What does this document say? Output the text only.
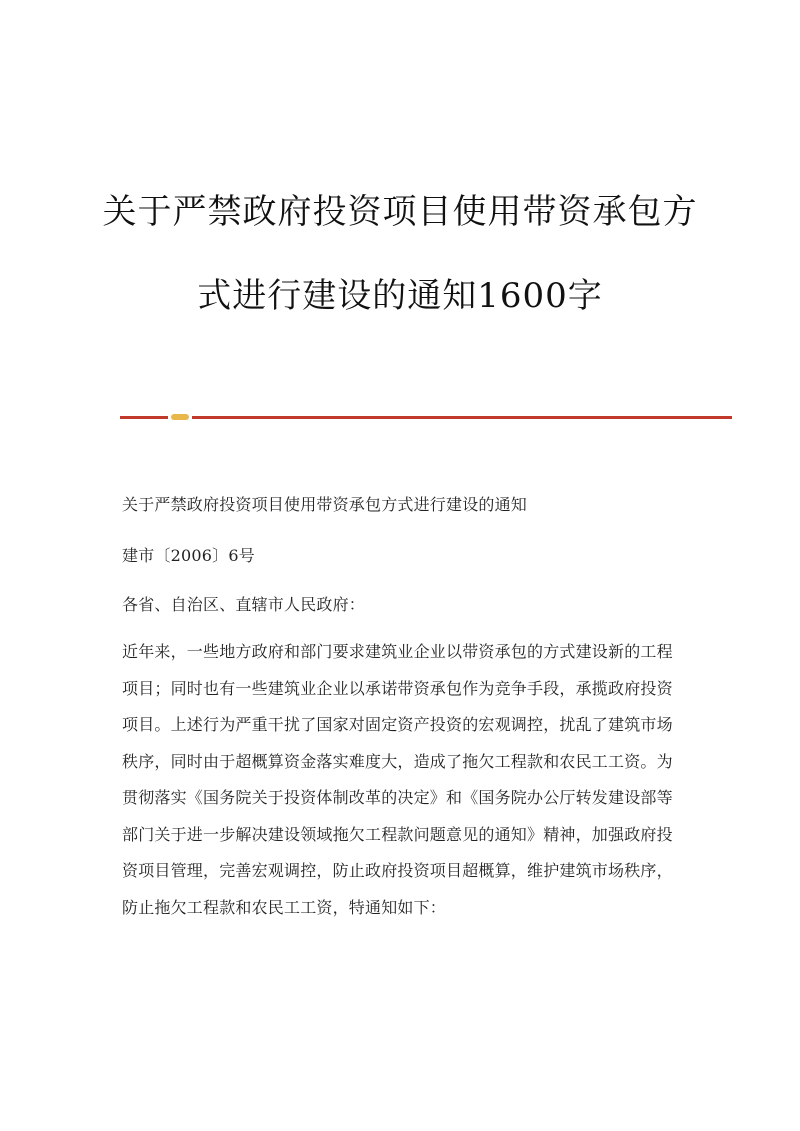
关于严禁政府投资项目使用带资承包方
式进行建设的通知1600字
关于严禁政府投资项目使用带资承包方式进行建设的通知
建市〔2006〕6号
各省、自治区、直辖市人民政府：
近年来，一些地方政府和部门要求建筑业企业以带资承包的方式建设新的工程
项目；同时也有一些建筑业企业以承诺带资承包作为竞争手段，承揽政府投资
项目。上述行为严重干扰了国家对固定资产投资的宏观调控，扰乱了建筑市场
秩序，同时由于超概算资金落实难度大，造成了拖欠工程款和农民工工资。为
贯彻落实《国务院关于投资体制改革的决定》和《国务院办公厅转发建设部等
部门关于进一步解决建设领域拖欠工程款问题意见的通知》精神，加强政府投
资项目管理，完善宏观调控，防止政府投资项目超概算，维护建筑市场秩序，
防止拖欠工程款和农民工工资，特通知如下：
